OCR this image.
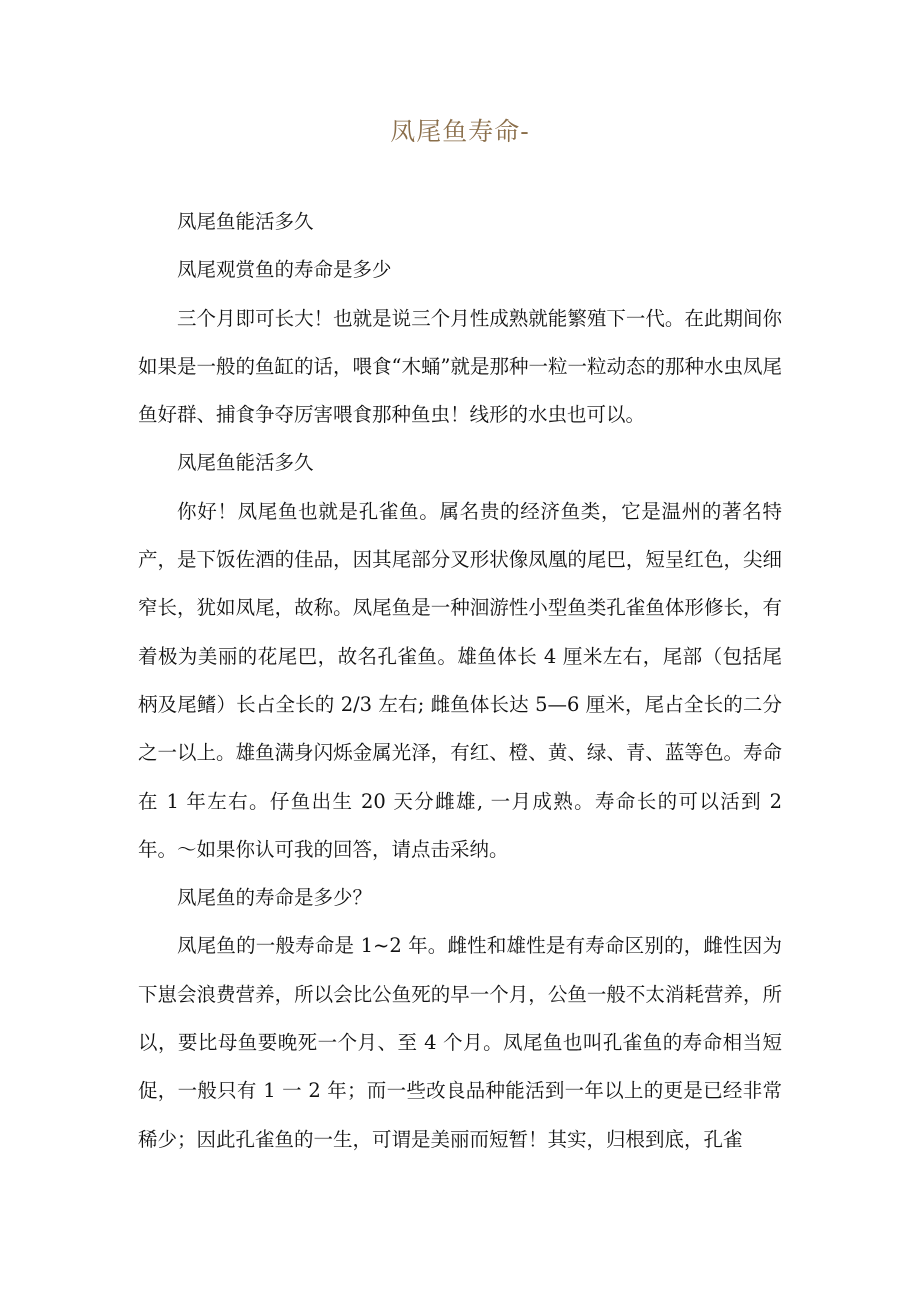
凤尾鱼寿命-

凤尾鱼能活多久

凤尾观赏鱼的寿命是多少

三个月即可长大！也就是说三个月性成熟就能繁殖下一代。在此期间你如果是一般的鱼缸的话，喂食“木蛹”就是那种一粒一粒动态的那种水虫凤尾鱼好群、捕食争夺厉害喂食那种鱼虫！线形的水虫也可以。

凤尾鱼能活多久

你好！凤尾鱼也就是孔雀鱼。属名贵的经济鱼类，它是温州的著名特产，是下饭佐酒的佳品，因其尾部分叉形状像凤凰的尾巴，短呈红色，尖细窄长，犹如凤尾，故称。凤尾鱼是一种洄游性小型鱼类孔雀鱼体形修长，有着极为美丽的花尾巴，故名孔雀鱼。雄鱼体长 4 厘米左右，尾部（包括尾柄及尾鳍）长占全长的 2/3 左右; 雌鱼体长达 5—6 厘米，尾占全长的二分之一以上。雄鱼满身闪烁金属光泽，有红、橙、黄、绿、青、蓝等色。寿命在 1 年左右。仔鱼出生 20 天分雌雄, 一月成熟。寿命长的可以活到 2 年。～如果你认可我的回答，请点击采纳。

凤尾鱼的寿命是多少？

凤尾鱼的一般寿命是 1~2 年。雌性和雄性是有寿命区别的，雌性因为下崽会浪费营养，所以会比公鱼死的早一个月，公鱼一般不太消耗营养，所以，要比母鱼要晚死一个月、至 4 个月。凤尾鱼也叫孔雀鱼的寿命相当短促，一般只有 1 一 2 年；而一些改良品种能活到一年以上的更是已经非常稀少；因此孔雀鱼的一生，可谓是美丽而短暂！其实，归根到底，孔雀
